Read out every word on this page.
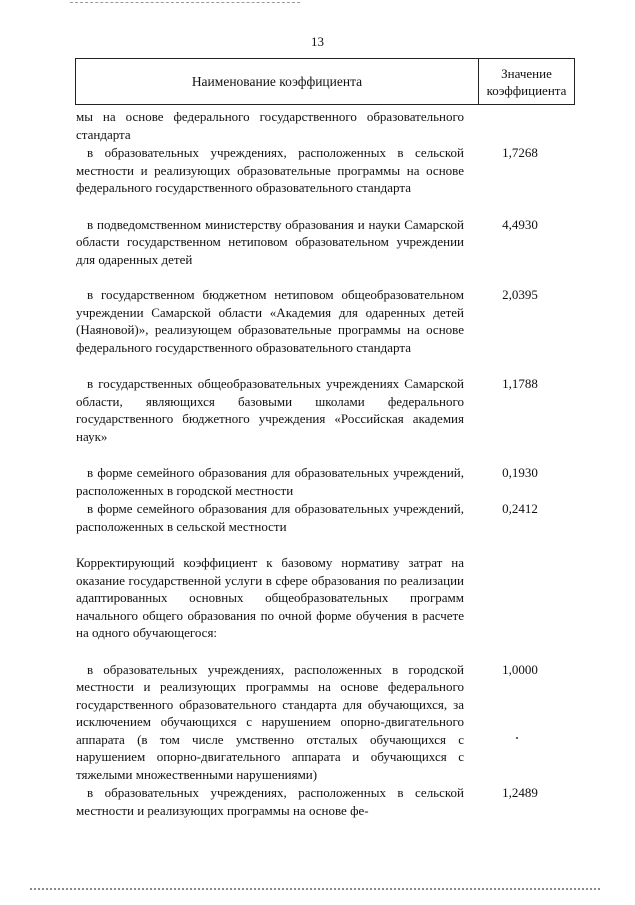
13
Наименование коэффициента
Значение
коэффициента
мы на основе федерального государственного образовательного стандарта
в образовательных учреждениях, расположенных в сельской местности и реализующих образовательные программы на основе федерального государственного образовательного стандарта
1,7268
в подведомственном министерству образования и науки Самарской области государственном нетиповом образовательном учреждении для одаренных детей
4,4930
в государственном бюджетном нетиповом общеобразовательном учреждении Самарской области «Академия для одаренных детей (Наяновой)», реализующем образовательные программы на основе федерального государственного образовательного стандарта
2,0395
в государственных общеобразовательных учреждениях Самарской области, являющихся базовыми школами федерального государственного бюджетного учреждения «Российская академия наук»
1,1788
в форме семейного образования для образовательных учреждений, расположенных в городской местности
0,1930
в форме семейного образования для образовательных учреждений, расположенных в сельской местности
0,2412
Корректирующий коэффициент к базовому нормативу затрат на оказание государственной услуги в сфере образования по реализации адаптированных основных общеобразовательных программ начального общего образования по очной форме обучения в расчете на одного обучающегося:
в образовательных учреждениях, расположенных в городской местности и реализующих программы на основе федерального государственного образовательного стандарта для обучающихся, за исключением обучающихся с нарушением опорно-двигательного аппарата (в том числе умственно отсталых обучающихся с нарушением опорно-двигательного аппарата и обучающихся с тяжелыми множественными нарушениями)
1,0000
в образовательных учреждениях, расположенных в сельской местности и реализующих программы на основе фе-
1,2489
